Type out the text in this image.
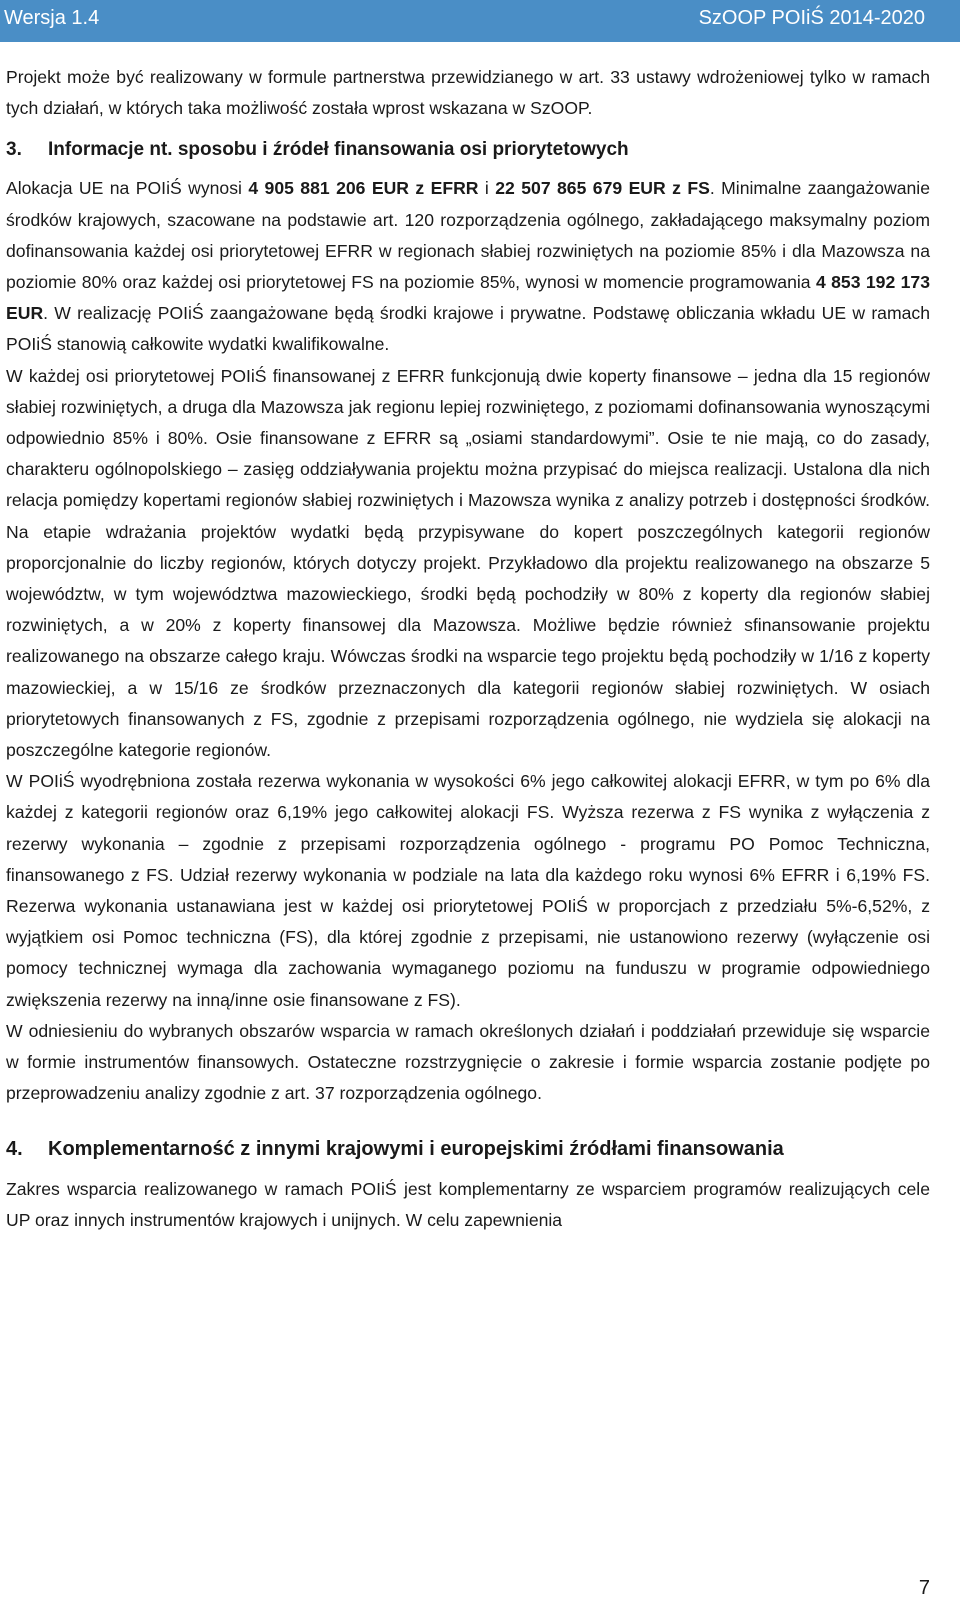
Wersja 1.4	SzOOP POIiŚ 2014-2020

Projekt może być realizowany w formule partnerstwa przewidzianego w art. 33 ustawy wdrożeniowej tylko w ramach tych działań, w których taka możliwość została wprost wskazana w SzOOP.

3. Informacje nt. sposobu i źródeł finansowania osi priorytetowych

Alokacja UE na POIiŚ wynosi 4 905 881 206 EUR z EFRR i 22 507 865 679 EUR z FS. Minimalne zaangażowanie środków krajowych, szacowane na podstawie art. 120 rozporządzenia ogólnego, zakładającego maksymalny poziom dofinansowania każdej osi priorytetowej EFRR w regionach słabiej rozwiniętych na poziomie 85% i dla Mazowsza na poziomie 80% oraz każdej osi priorytetowej FS na poziomie 85%, wynosi w momencie programowania 4 853 192 173 EUR. W realizację POIiŚ zaangażowane będą środki krajowe i prywatne. Podstawę obliczania wkładu UE w ramach POIiŚ stanowią całkowite wydatki kwalifikowalne.

W każdej osi priorytetowej POIiŚ finansowanej z EFRR funkcjonują dwie koperty finansowe – jedna dla 15 regionów słabiej rozwiniętych, a druga dla Mazowsza jak regionu lepiej rozwiniętego, z poziomami dofinansowania wynoszącymi odpowiednio 85% i 80%. Osie finansowane z EFRR są „osiami standardowymi”. Osie te nie mają, co do zasady, charakteru ogólnopolskiego – zasięg oddziaływania projektu można przypisać do miejsca realizacji. Ustalona dla nich relacja pomiędzy kopertami regionów słabiej rozwiniętych i Mazowsza wynika z analizy potrzeb i dostępności środków. Na etapie wdrażania projektów wydatki będą przypisywane do kopert poszczególnych kategorii regionów proporcjonalnie do liczby regionów, których dotyczy projekt. Przykładowo dla projektu realizowanego na obszarze 5 województw, w tym województwa mazowieckiego, środki będą pochodziły w 80% z koperty dla regionów słabiej rozwiniętych, a w 20% z koperty finansowej dla Mazowsza. Możliwe będzie również sfinansowanie projektu realizowanego na obszarze całego kraju. Wówczas środki na wsparcie tego projektu będą pochodziły w 1/16 z koperty mazowieckiej, a w 15/16 ze środków przeznaczonych dla kategorii regionów słabiej rozwiniętych. W osiach priorytetowych finansowanych z FS, zgodnie z przepisami rozporządzenia ogólnego, nie wydziela się alokacji na poszczególne kategorie regionów.

W POIiŚ wyodrębniona została rezerwa wykonania w wysokości 6% jego całkowitej alokacji EFRR, w tym po 6% dla każdej z kategorii regionów oraz 6,19% jego całkowitej alokacji FS. Wyższa rezerwa z FS wynika z wyłączenia z rezerwy wykonania – zgodnie z przepisami rozporządzenia ogólnego - programu PO Pomoc Techniczna, finansowanego z FS. Udział rezerwy wykonania w podziale na lata dla każdego roku wynosi 6% EFRR i 6,19% FS. Rezerwa wykonania ustanawiana jest w każdej osi priorytetowej POIiŚ w proporcjach z przedziału 5%-6,52%, z wyjątkiem osi Pomoc techniczna (FS), dla której zgodnie z przepisami, nie ustanowiono rezerwy (wyłączenie osi pomocy technicznej wymaga dla zachowania wymaganego poziomu na funduszu w programie odpowiedniego zwiększenia rezerwy na inną/inne osie finansowane z FS).

W odniesieniu do wybranych obszarów wsparcia w ramach określonych działań i poddziałań przewiduje się wsparcie w formie instrumentów finansowych. Ostateczne rozstrzygnięcie o zakresie i formie wsparcia zostanie podjęte po przeprowadzeniu analizy zgodnie z art. 37 rozporządzenia ogólnego.

4. Komplementarność z innymi krajowymi i europejskimi źródłami finansowania

Zakres wsparcia realizowanego w ramach POIiŚ jest komplementarny ze wsparciem programów realizujących cele UP oraz innych instrumentów krajowych i unijnych. W celu zapewnienia

7
